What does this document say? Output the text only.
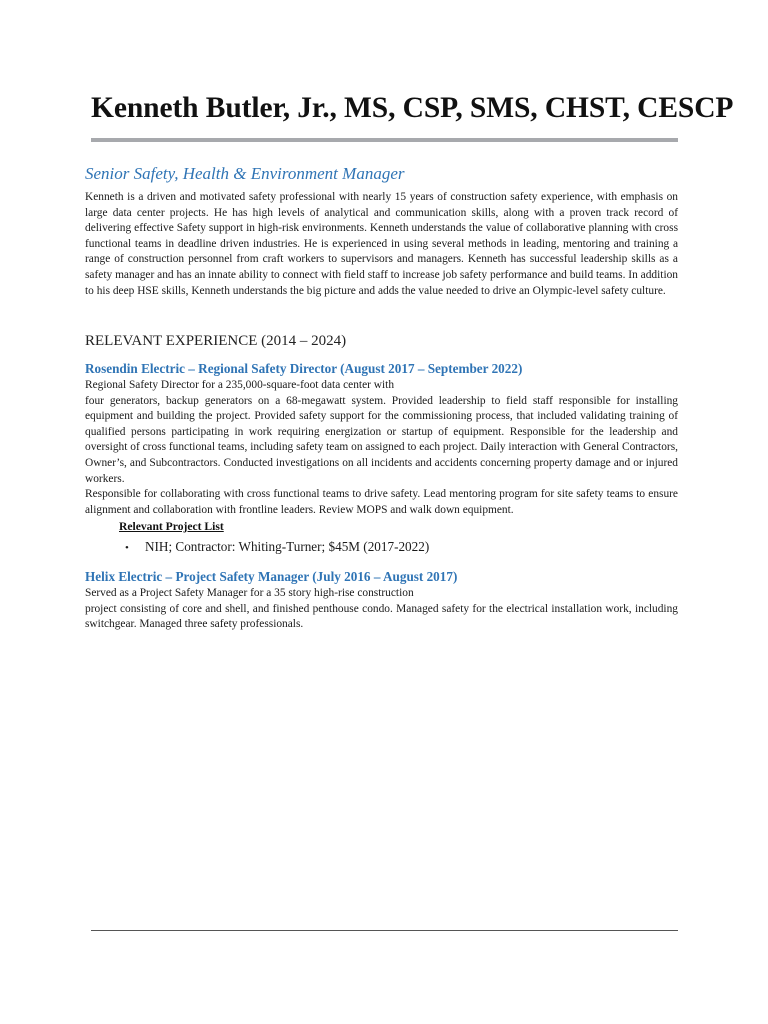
Kenneth Butler, Jr., MS, CSP, SMS, CHST, CESCP
Senior Safety, Health & Environment Manager

Kenneth is a driven and motivated safety professional with nearly 15 years of construction safety experience, with emphasis on large data center projects. He has high levels of analytical and communication skills, along with a proven track record of delivering effective Safety support in high-risk environments. Kenneth understands the value of collaborative planning with cross functional teams in deadline driven industries. He is experienced in using several methods in leading, mentoring and training a range of construction personnel from craft workers to supervisors and managers. Kenneth has successful leadership skills as a safety manager and has an innate ability to connect with field staff to increase job safety performance and build teams. In addition to his deep HSE skills, Kenneth understands the big picture and adds the value needed to drive an Olympic-level safety culture.

RELEVANT EXPERIENCE (2014 – 2024)
Rosendin Electric – Regional Safety Director (August 2017 – September 2022)
Regional Safety Director for a 235,000-square-foot data center with
four generators, backup generators on a 68-megawatt system. Provided leadership to field staff responsible for installing equipment and building the project. Provided safety support for the commissioning process, that included validating training of qualified persons participating in work requiring energization or startup of equipment. Responsible for the leadership and oversight of cross functional teams, including safety team on assigned to each project. Daily interaction with General Contractors, Owner’s, and Subcontractors. Conducted investigations on all incidents and accidents concerning property damage and or injured workers.
Responsible for collaborating with cross functional teams to drive safety. Lead mentoring program for site safety teams to ensure alignment and collaboration with frontline leaders. Review MOPS and walk down equipment.

Relevant Project List

• NIH; Contractor: Whiting-Turner; $45M (2017-2022)
Helix Electric – Project Safety Manager (July 2016 – August 2017)
Served as a Project Safety Manager for a 35 story high-rise construction
project consisting of core and shell, and finished penthouse condo. Managed safety for the electrical installation work, including switchgear. Managed three safety professionals.
